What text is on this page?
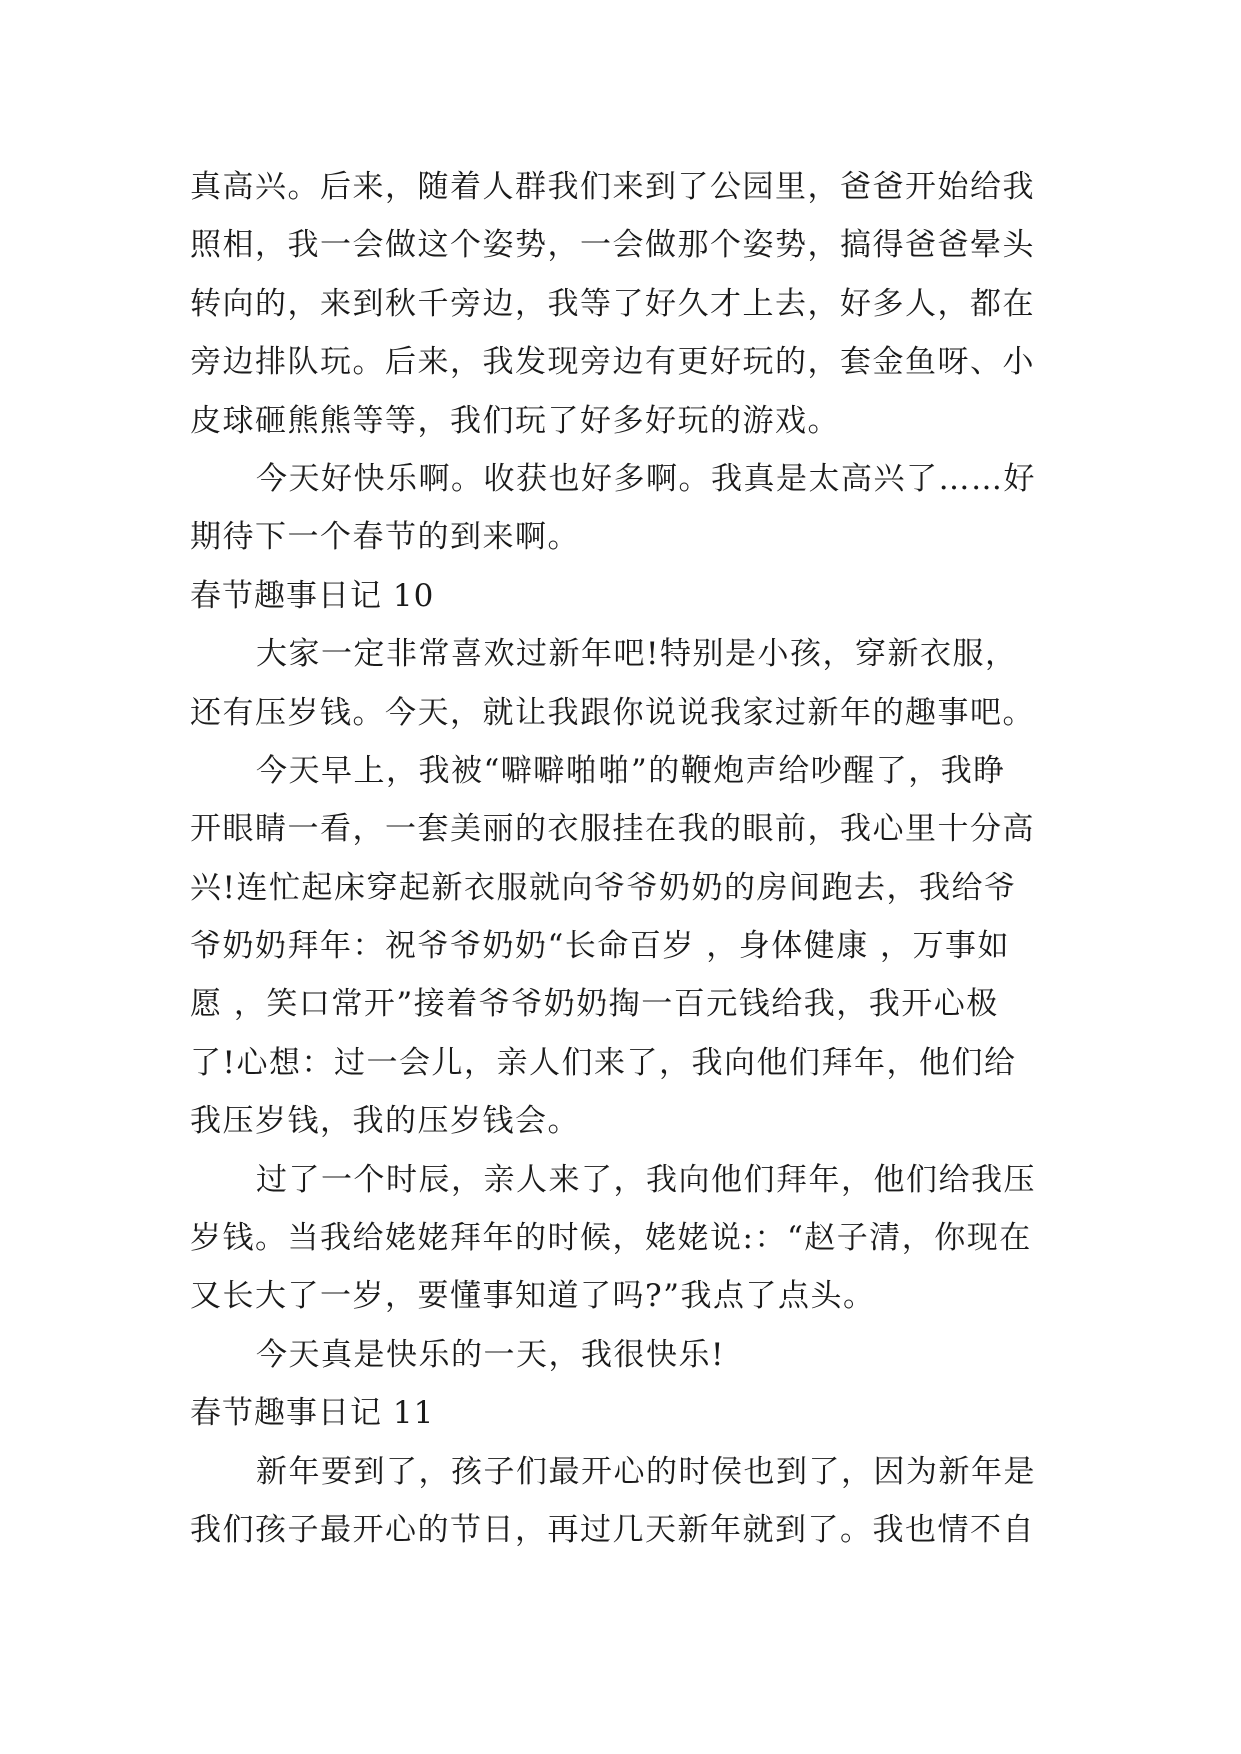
真高兴。后来，随着人群我们来到了公园里，爸爸开始给我
照相，我一会做这个姿势，一会做那个姿势，搞得爸爸晕头
转向的，来到秋千旁边，我等了好久才上去，好多人，都在
旁边排队玩。后来，我发现旁边有更好玩的，套金鱼呀、小
皮球砸熊熊等等，我们玩了好多好玩的游戏。
今天好快乐啊。收获也好多啊。我真是太高兴了……好
期待下一个春节的到来啊。
春节趣事日记 10
大家一定非常喜欢过新年吧!特别是小孩，穿新衣服，
还有压岁钱。今天，就让我跟你说说我家过新年的趣事吧。
今天早上，我被“噼噼啪啪”的鞭炮声给吵醒了，我睁
开眼睛一看，一套美丽的衣服挂在我的眼前，我心里十分高
兴!连忙起床穿起新衣服就向爷爷奶奶的房间跑去，我给爷
爷奶奶拜年：祝爷爷奶奶“长命百岁 ，身体健康 ，万事如
愿 ，笑口常开”接着爷爷奶奶掏一百元钱给我，我开心极
了!心想：过一会儿，亲人们来了，我向他们拜年，他们给
我压岁钱，我的压岁钱会。
过了一个时辰，亲人来了，我向他们拜年，他们给我压
岁钱。当我给姥姥拜年的时候，姥姥说:：“赵子清，你现在
又长大了一岁，要懂事知道了吗?”我点了点头。
今天真是快乐的一天，我很快乐!
春节趣事日记 11
新年要到了，孩子们最开心的时侯也到了，因为新年是
我们孩子最开心的节日，再过几天新年就到了。我也情不自
